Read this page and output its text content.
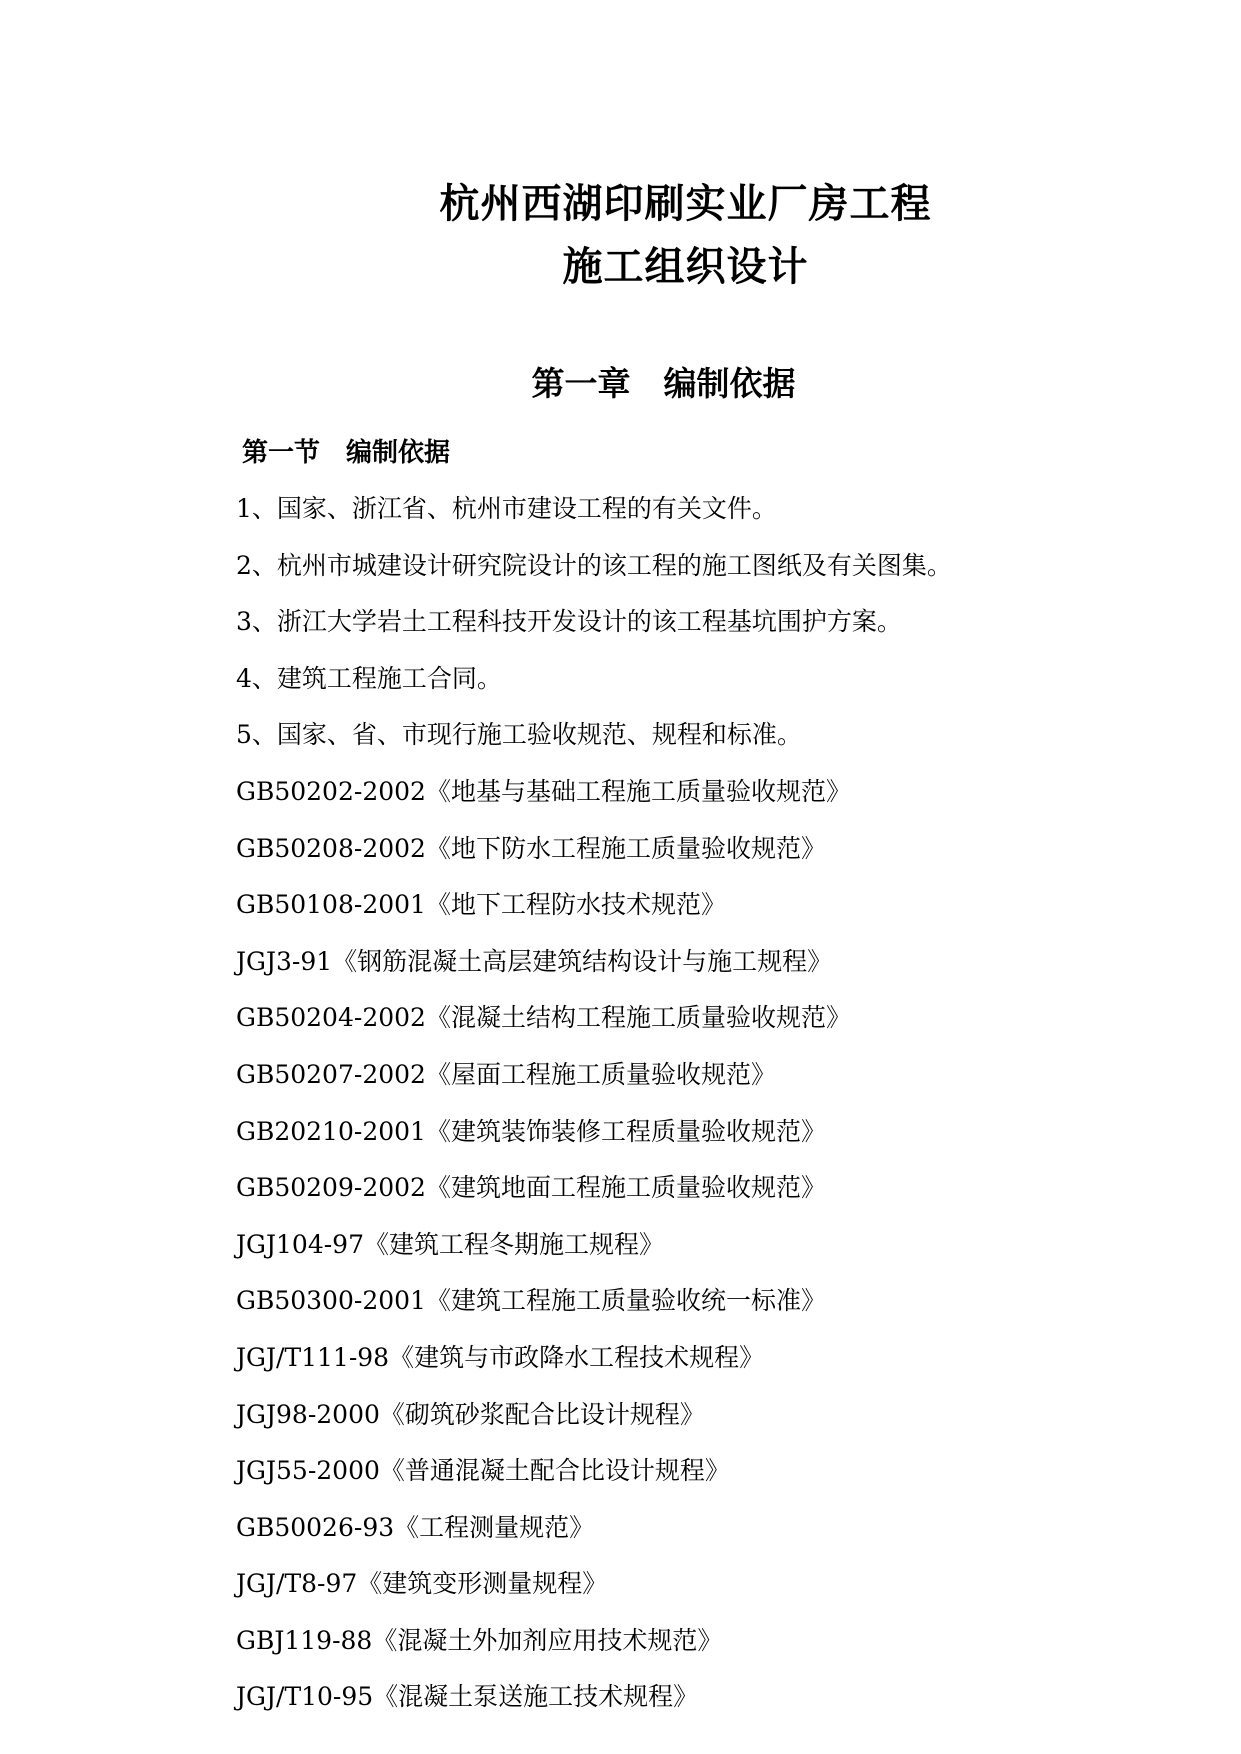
杭州西湖印刷实业厂房工程
施工组织设计
第一章　编制依据
第一节　编制依据
1、国家、浙江省、杭州市建设工程的有关文件。
2、杭州市城建设计研究院设计的该工程的施工图纸及有关图集。
3、浙江大学岩土工程科技开发设计的该工程基坑围护方案。
4、建筑工程施工合同。
5、国家、省、市现行施工验收规范、规程和标准。
GB50202-2002《地基与基础工程施工质量验收规范》
GB50208-2002《地下防水工程施工质量验收规范》
GB50108-2001《地下工程防水技术规范》
JGJ3-91《钢筋混凝土高层建筑结构设计与施工规程》
GB50204-2002《混凝土结构工程施工质量验收规范》
GB50207-2002《屋面工程施工质量验收规范》
GB20210-2001《建筑装饰装修工程质量验收规范》
GB50209-2002《建筑地面工程施工质量验收规范》
JGJ104-97《建筑工程冬期施工规程》
GB50300-2001《建筑工程施工质量验收统一标准》
JGJ/T111-98《建筑与市政降水工程技术规程》
JGJ98-2000《砌筑砂浆配合比设计规程》
JGJ55-2000《普通混凝土配合比设计规程》
GB50026-93《工程测量规范》
JGJ/T8-97《建筑变形测量规程》
GBJ119-88《混凝土外加剂应用技术规范》
JGJ/T10-95《混凝土泵送施工技术规程》
